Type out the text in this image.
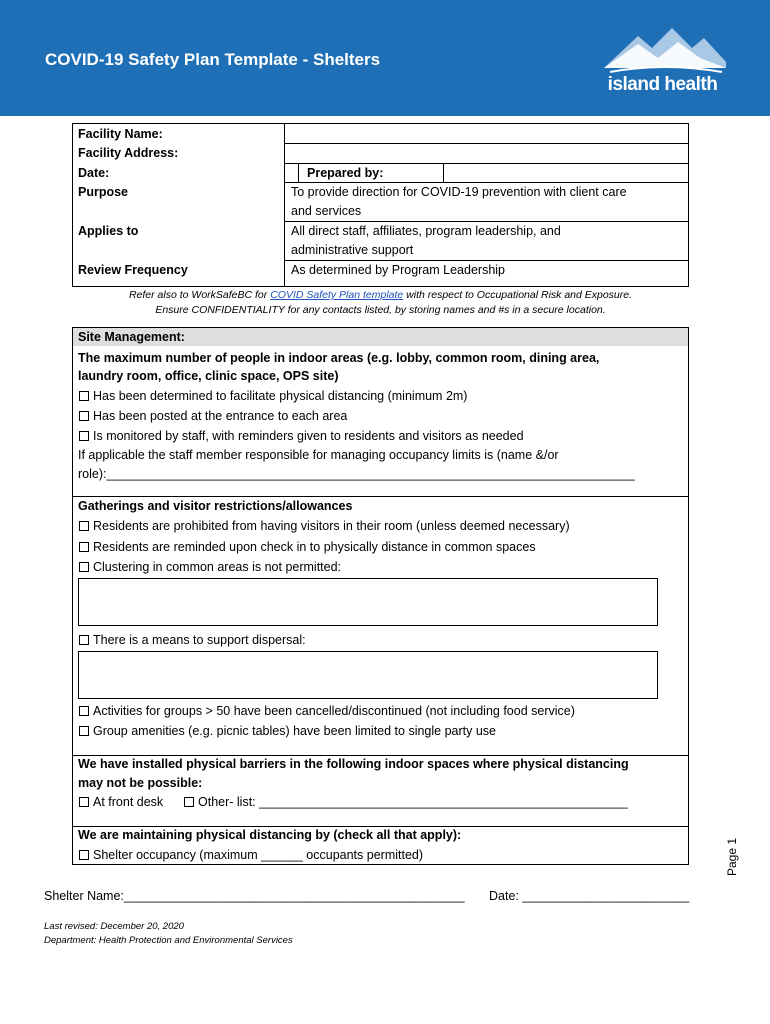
COVID-19 Safety Plan Template - Shelters
island health
Facility Name:
Facility Address:
Date:	Prepared by:
Purpose	To provide direction for COVID-19 prevention with client care
and services
Applies to	All direct staff, affiliates, program leadership, and
administrative support
Review Frequency	As determined by Program Leadership
Refer also to WorkSafeBC for COVID Safety Plan template with respect to Occupational Risk and Exposure.
Ensure CONFIDENTIALITY for any contacts listed, by storing names and #s in a secure location.
Site Management:
The maximum number of people in indoor areas (e.g. lobby, common room, dining area,
laundry room, office, clinic space, OPS site)
Has been determined to facilitate physical distancing (minimum 2m)
Has been posted at the entrance to each area
Is monitored by staff, with reminders given to residents and visitors as needed
If applicable the staff member responsible for managing occupancy limits is (name &/or
role):____________________________________________________________________________
Gatherings and visitor restrictions/allowances
Residents are prohibited from having visitors in their room (unless deemed necessary)
Residents are reminded upon check in to physically distance in common spaces
Clustering in common areas is not permitted:
There is a means to support dispersal:
Activities for groups > 50 have been cancelled/discontinued (not including food service)
Group amenities (e.g. picnic tables) have been limited to single party use
We have installed physical barriers in the following indoor spaces where physical distancing
may not be possible:
At front desk	Other- list: _____________________________________________________
We are maintaining physical distancing by (check all that apply):
Shelter occupancy (maximum ______ occupants permitted)
Shelter Name:_________________________________________________ Date: ________________________
Last revised: December 20, 2020
Department: Health Protection and Environmental Services
Page 1
